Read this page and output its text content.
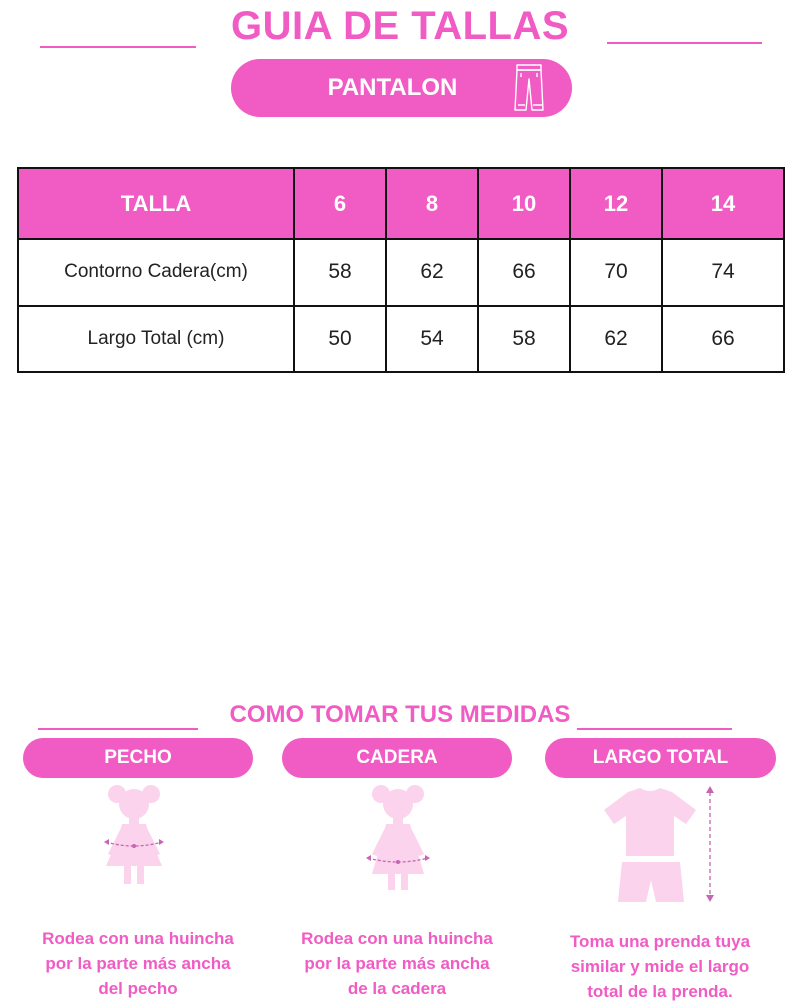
GUIA DE TALLAS
PANTALON
TALLA	6	8	10	12	14
Contorno Cadera(cm)	58	62	66	70	74
Largo Total (cm)	50	54	58	62	66
COMO TOMAR TUS MEDIDAS
PECHO	CADERA	LARGO TOTAL
Rodea con una huincha
por la parte más ancha
del pecho
Rodea con una huincha
por la parte más ancha
de la cadera
Toma una prenda tuya
similar y mide el largo
total de la prenda.
